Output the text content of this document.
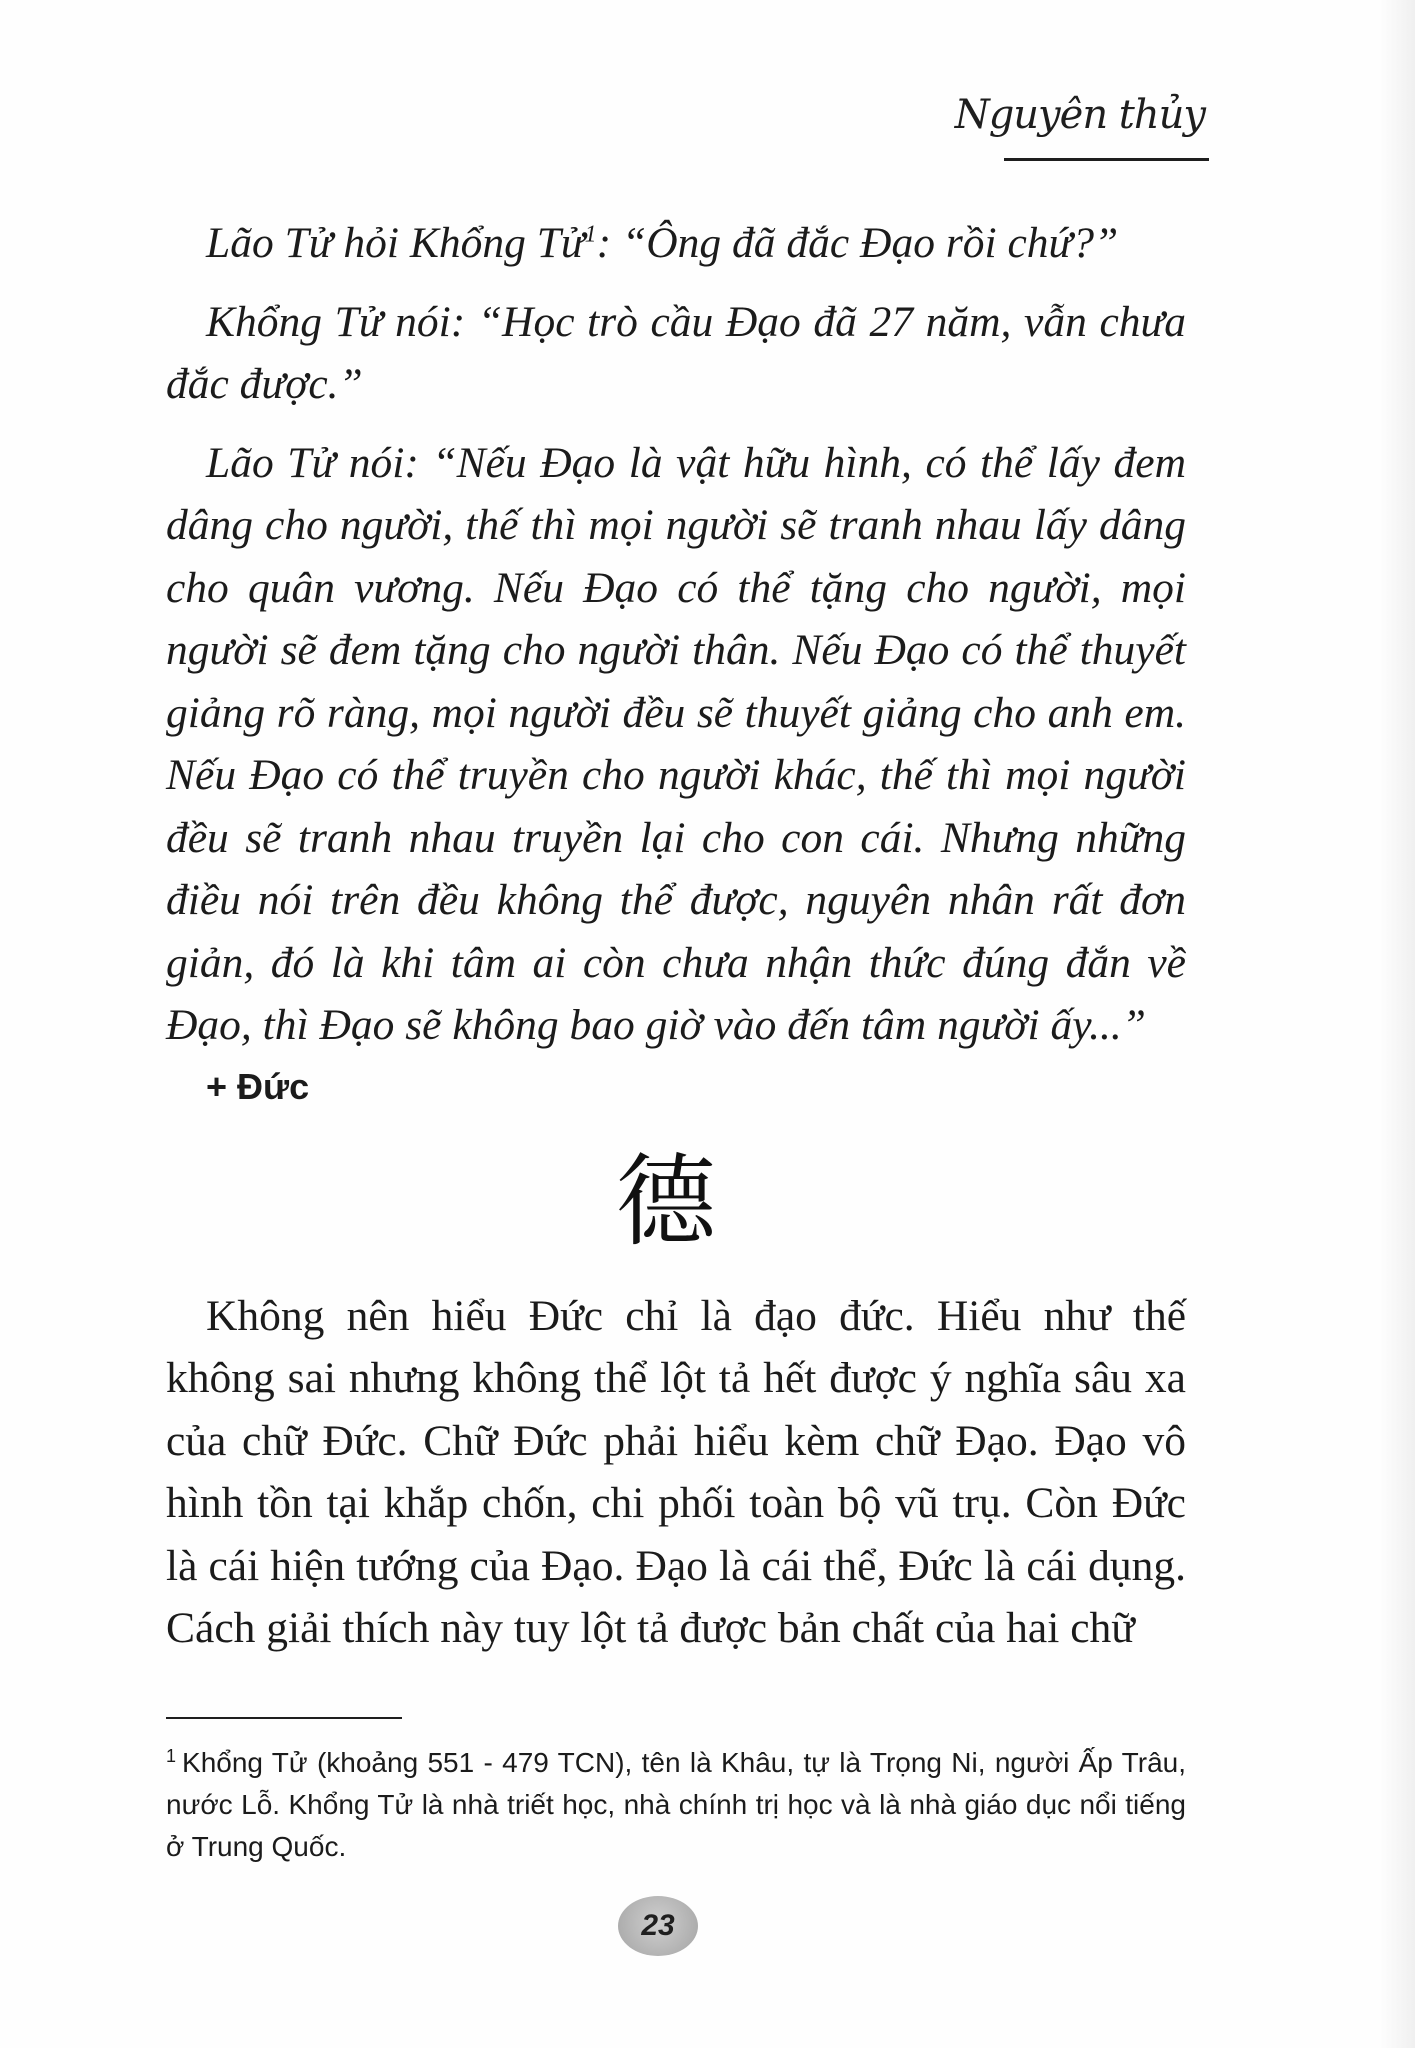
Nguyên thủy

Lão Tử hỏi Khổng Tử$^1$: “Ông đã đắc Đạo rồi chứ?”

Khổng Tử nói: “Học trò cầu Đạo đã 27 năm, vẫn chưa đắc được.”

Lão Tử nói: “Nếu Đạo là vật hữu hình, có thể lấy đem dâng cho người, thế thì mọi người sẽ tranh nhau lấy dâng cho quân vương. Nếu Đạo có thể tặng cho người, mọi người sẽ đem tặng cho người thân. Nếu Đạo có thể thuyết giảng rõ ràng, mọi người đều sẽ thuyết giảng cho anh em. Nếu Đạo có thể truyền cho người khác, thế thì mọi người đều sẽ tranh nhau truyền lại cho con cái. Nhưng những điều nói trên đều không thể được, nguyên nhân rất đơn giản, đó là khi tâm ai còn chưa nhận thức đúng đắn về Đạo, thì Đạo sẽ không bao giờ vào đến tâm người ấy...”

+ Đức
德

Không nên hiểu Đức chỉ là đạo đức. Hiểu như thế không sai nhưng không thể lột tả hết được ý nghĩa sâu xa của chữ Đức. Chữ Đức phải hiểu kèm chữ Đạo. Đạo vô hình tồn tại khắp chốn, chi phối toàn bộ vũ trụ. Còn Đức là cái hiện tướng của Đạo. Đạo là cái thể, Đức là cái dụng. Cách giải thích này tuy lột tả được bản chất của hai chữ

$^1$ Khổng Tử (khoảng 551 - 479 TCN), tên là Khâu, tự là Trọng Ni, người Ấp Trâu, nước Lỗ. Khổng Tử là nhà triết học, nhà chính trị học và là nhà giáo dục nổi tiếng ở Trung Quốc.

23
